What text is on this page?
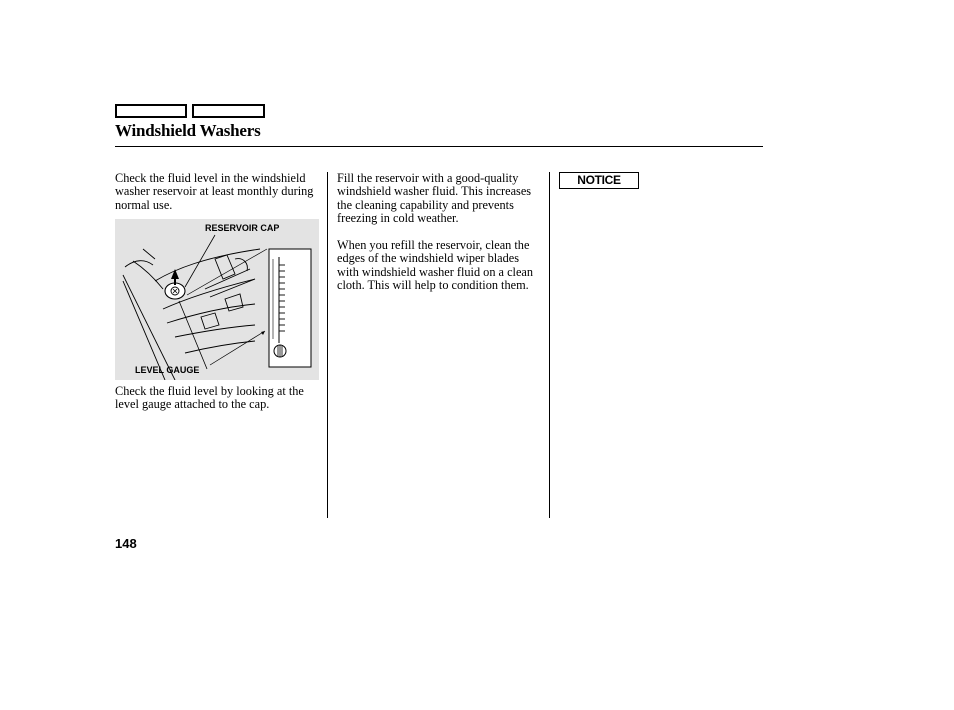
Windshield Washers

Check the fluid level in the windshield washer reservoir at least monthly during normal use.

RESERVOIR CAP
LEVEL GAUGE

Check the fluid level by looking at the level gauge attached to the cap.

Fill the reservoir with a good-quality windshield washer fluid. This increases the cleaning capability and prevents freezing in cold weather.

When you refill the reservoir, clean the edges of the windshield wiper blades with windshield washer fluid on a clean cloth. This will help to condition them.

NOTICE
148
